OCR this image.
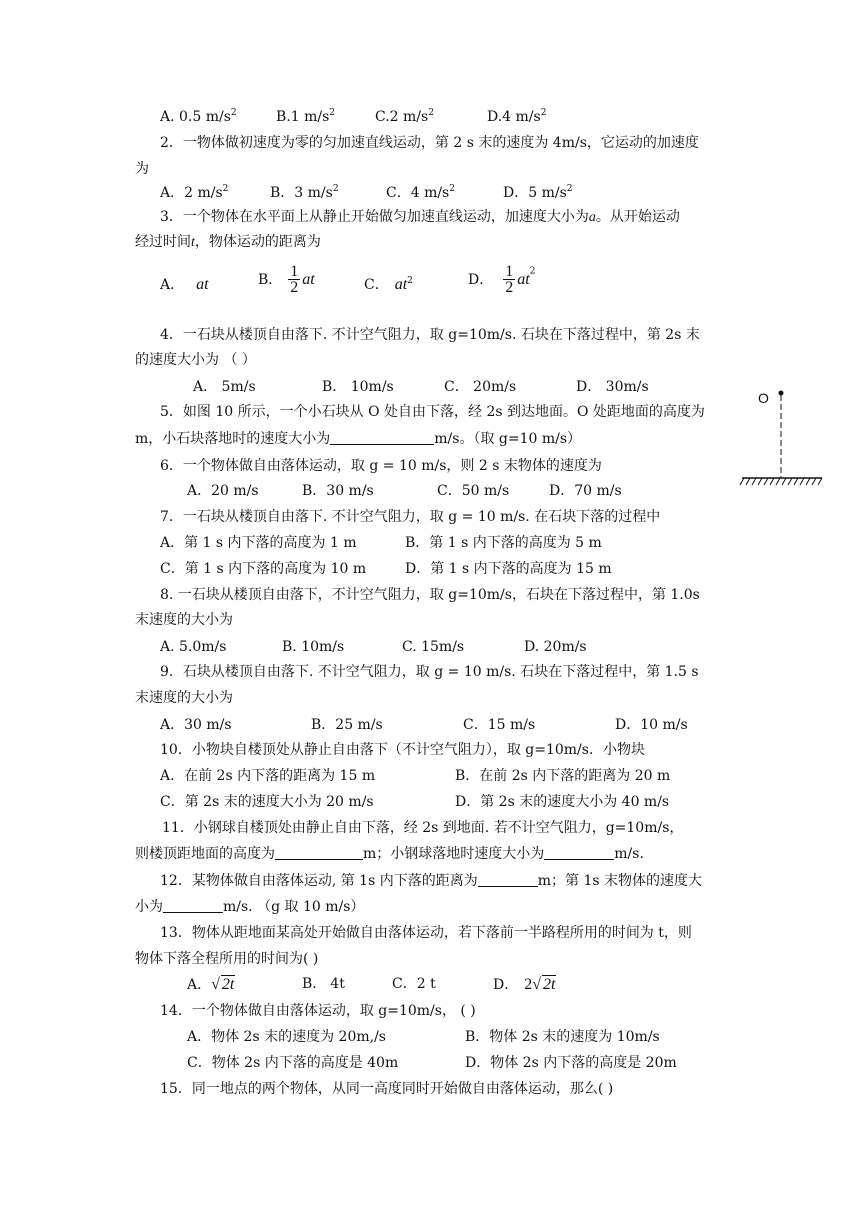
A. 0.5 $m/s^2$	B.1 $m/s^2$	C.2 $m/s^2$	D.4 $m/s^2$
2．一物体做初速度为零的匀加速直线运动，第 2 s 末的速度为 4m/s，它运动的加速度
为
A．2 $m/s^2$	B．3 $m/s^2$	C．4 $m/s^2$	D．5 $m/s^2$
3．一个物体在水平面上从静止开始做匀加速直线运动，加速度大小为a。从开始运动
经过时间t，物体运动的距离为
A． at	B． $\frac{1}{2}$ at	C． $at^2$	D． $\frac{1}{2} at^2$
4．一石块从楼顶自由落下. 不计空气阻力，取 g=10m/s. 石块在下落过程中，第 2s 末
的速度大小为 （ ）
A． 5m/s	B． 10m/s	C． 20m/s	D． 30m/s
5．如图 10 所示，一个小石块从 O 处自由下落，经 2s 到达地面。O 处距地面的高度为
m，小石块落地时的速度大小为	m/s。（取 g=10 m/s）
O
6．一个物体做自由落体运动，取 g = 10 m/s，则 2 s 末物体的速度为
A．20 m/s	B．30 m/s	C．50 m/s	D．70 m/s
7．一石块从楼顶自由落下. 不计空气阻力，取 g = 10 m/s. 在石块下落的过程中
A．第 1 s 内下落的高度为 1 m	B．第 1 s 内下落的高度为 5 m
C．第 1 s 内下落的高度为 10 m	D．第 1 s 内下落的高度为 15 m
8. 一石块从楼顶自由落下，不计空气阻力，取 g=10m/s，石块在下落过程中，第 1.0s
末速度的大小为
A. 5.0m/s	B. 10m/s	C. 15m/s	D. 20m/s
9．石块从楼顶自由落下. 不计空气阻力，取 g = 10 m/s. 石块在下落过程中，第 1.5 s
末速度的大小为
A．30 m/s	B．25 m/s	C．15 m/s	D．10 m/s
10．小物块自楼顶处从静止自由落下（不计空气阻力），取 g=10m/s．小物块
A．在前 2s 内下落的距离为 15 m	B．在前 2s 内下落的距离为 20 m
C．第 2s 末的速度大小为 20 m/s	D．第 2s 末的速度大小为 40 m/s
11．小钢球自楼顶处由静止自由下落，经 2s 到地面. 若不计空气阻力，g=10m/s，
则楼顶距地面的高度为	m；小钢球落地时速度大小为	m/s.
12．某物体做自由落体运动, 第 1s 内下落的距离为	m；第 1s 末物体的速度大
小为	m/s. （g 取 10 m/s）
13．物体从距地面某高处开始做自由落体运动，若下落前一半路程所用的时间为 t，则
物体下落全程所用的时间为( )
A．√ 2t	B． 4t	C．2 t	D． 2√ 2t
14．一个物体做自由落体运动，取 g=10m/s， ( )
A．物体 2s 末的速度为 20m,/s	B．物体 2s 末的速度为 10m/s
C．物体 2s 内下落的高度是 40m	D．物体 2s 内下落的高度是 20m
15．同一地点的两个物体，从同一高度同时开始做自由落体运动，那么( )
